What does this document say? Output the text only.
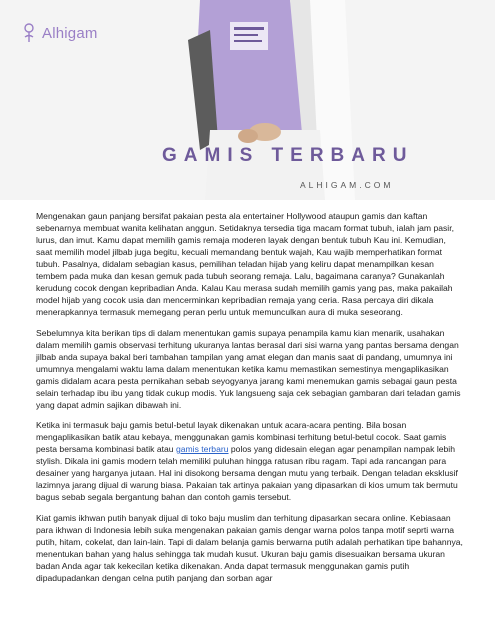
Alhigam
GAMIS TERBARU
ALHIGAM.COM

Mengenakan gaun panjang bersifat pakaian pesta ala entertainer Hollywood ataupun gamis dan kaftan sebenarnya membuat wanita kelihatan anggun. Setidaknya tersedia tiga macam format tubuh, ialah jam pasir, lurus, dan imut. Kamu dapat memilih gamis remaja moderen layak dengan bentuk tubuh Kau ini. Kemudian, saat memilih model jilbab juga begitu, kecuali memandang bentuk wajah, Kau wajib memperhatikan format tubuh. Pasalnya, didalam sebagian kasus, pemilihan teladan hijab yang keliru dapat menampilkan kesan tembem pada muka dan kesan gemuk pada tubuh seorang remaja. Lalu, bagaimana caranya? Gunakanlah kerudung cocok dengan kepribadian Anda. Kalau Kau merasa sudah memilih gamis yang pas, maka pakailah model hijab yang cocok usia dan mencerminkan kepribadian remaja yang ceria. Rasa percaya diri dikala menerapkannya termasuk memegang peran perlu untuk memunculkan aura di muka seseorang.

Sebelumnya kita berikan tips di dalam menentukan gamis supaya penampila kamu kian menarik, usahakan dalam memilih gamis observasi terhitung ukuranya lantas berasal dari sisi warna yang pantas bersama dengan jilbab anda supaya bakal beri tambahan tampilan yang amat elegan dan manis saat di pandang, umumnya ini umumnya mengalami waktu lama dalam menentukan ketika kamu memastikan semestinya mengaplikasikan gamis didalam acara pesta pernikahan sebab seyogyanya jarang kami menemukan gamis sebagai gaun pesta selain terhadap ibu ibu yang tidak cukup modis. Yuk langsueng saja cek sebagian gambaran dari teladan gamis yang dapat admin sajikan dibawah ini.

Ketika ini termasuk baju gamis betul-betul layak dikenakan untuk acara-acara penting. Bila bosan mengaplikasikan batik atau kebaya, menggunakan gamis kombinasi terhitung betul-betul cocok. Saat gamis pesta bersama kombinasi batik atau gamis terbaru polos yang didesain elegan agar penampilan nampak lebih stylish. Dikala ini gamis modern telah memiliki puluhan hingga ratusan ribu ragam. Tapi ada rancangan para desainer yang harganya jutaan. Hal ini disokong bersama dengan mutu yang terbaik. Dengan teladan eksklusif lazimnya jarang dijual di warung biasa. Pakaian tak artinya pakaian yang dipasarkan di kios umum tak bermutu bagus sebab segala bergantung bahan dan contoh gamis tersebut.

Kiat gamis ikhwan putih banyak dijual di toko baju muslim dan terhitung dipasarkan secara online. Kebiasaan para ikhwan di Indonesia lebih suka mengenakan pakaian gamis dengar warna polos tanpa motif seprti warna putih, hitam, cokelat, dan lain-lain. Tapi di dalam belanja gamis berwarna putih adalah perhatikan tipe bahannya, menentukan bahan yang halus sehingga tak mudah kusut. Ukuran baju gamis disesuaikan bersama ukuran badan Anda agar tak kekecilan ketika dikenakan. Anda dapat termasuk menggunakan gamis putih dipadupadankan dengan celna putih panjang dan sorban agar
